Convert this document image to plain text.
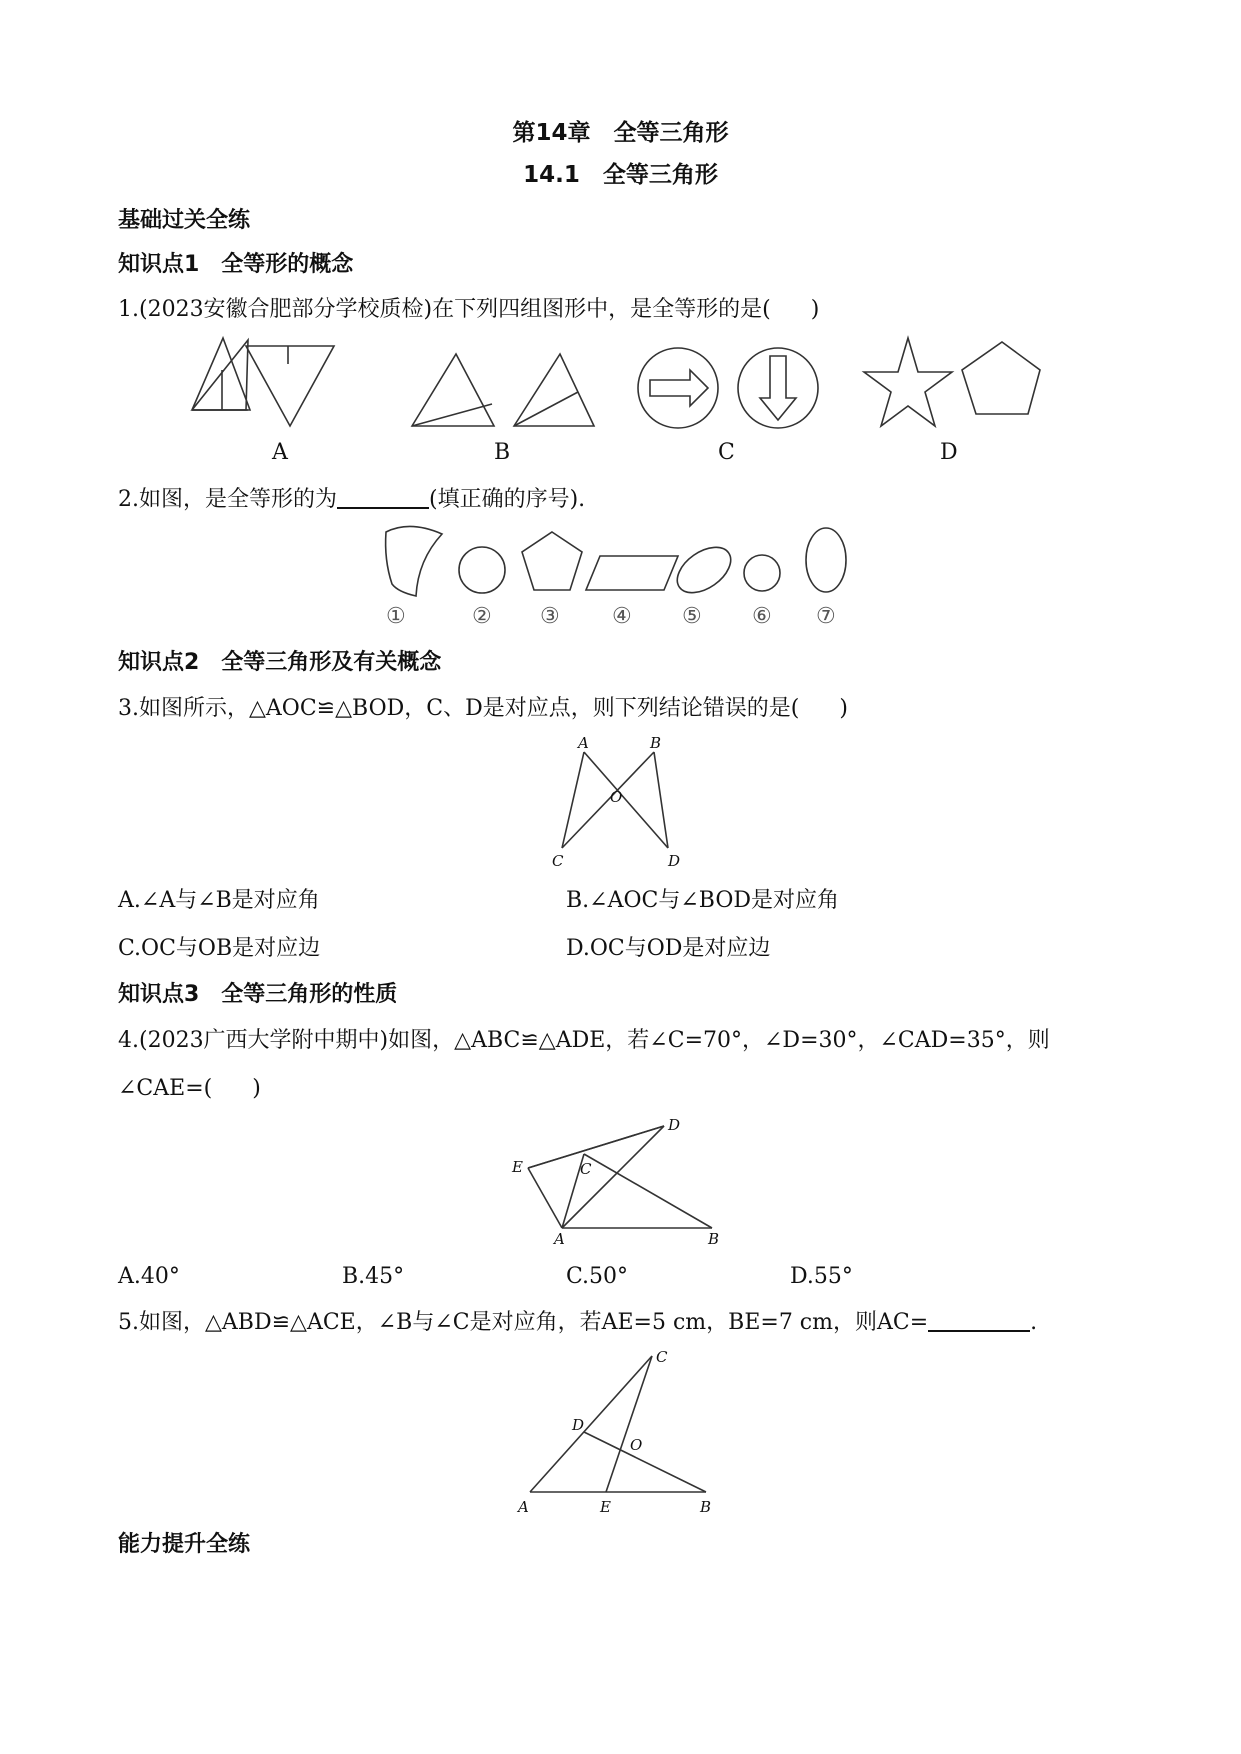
第14章　全等三角形
14.1　全等三角形
基础过关全练
知识点1　全等形的概念
1.(2023安徽合肥部分学校质检)在下列四组图形中，是全等形的是( )
A	B	C	D
2.如图，是全等形的为	(填正确的序号).
①	② ③ ④ ⑤ ⑥ ⑦
知识点2　全等三角形及有关概念
3.如图所示，△AOC≌△BOD，C、D是对应点，则下列结论错误的是( )
A	B
O
C	D
A.∠A与∠B是对应角	B.∠AOC与∠BOD是对应角
C.OC与OB是对应边	D.OC与OD是对应边
知识点3　全等三角形的性质
4.(2023广西大学附中期中)如图，△ABC≌△ADE，若∠C=70°，∠D=30°，∠CAD=35°，则
∠CAE=( )
D
E	C
A	B
A.40°	B.45°	C.50°	D.55°
5.如图，△ABD≌△ACE，∠B与∠C是对应角，若AE=5 cm，BE=7 cm，则AC=	.
C
D
O
A	E	B
能力提升全练
